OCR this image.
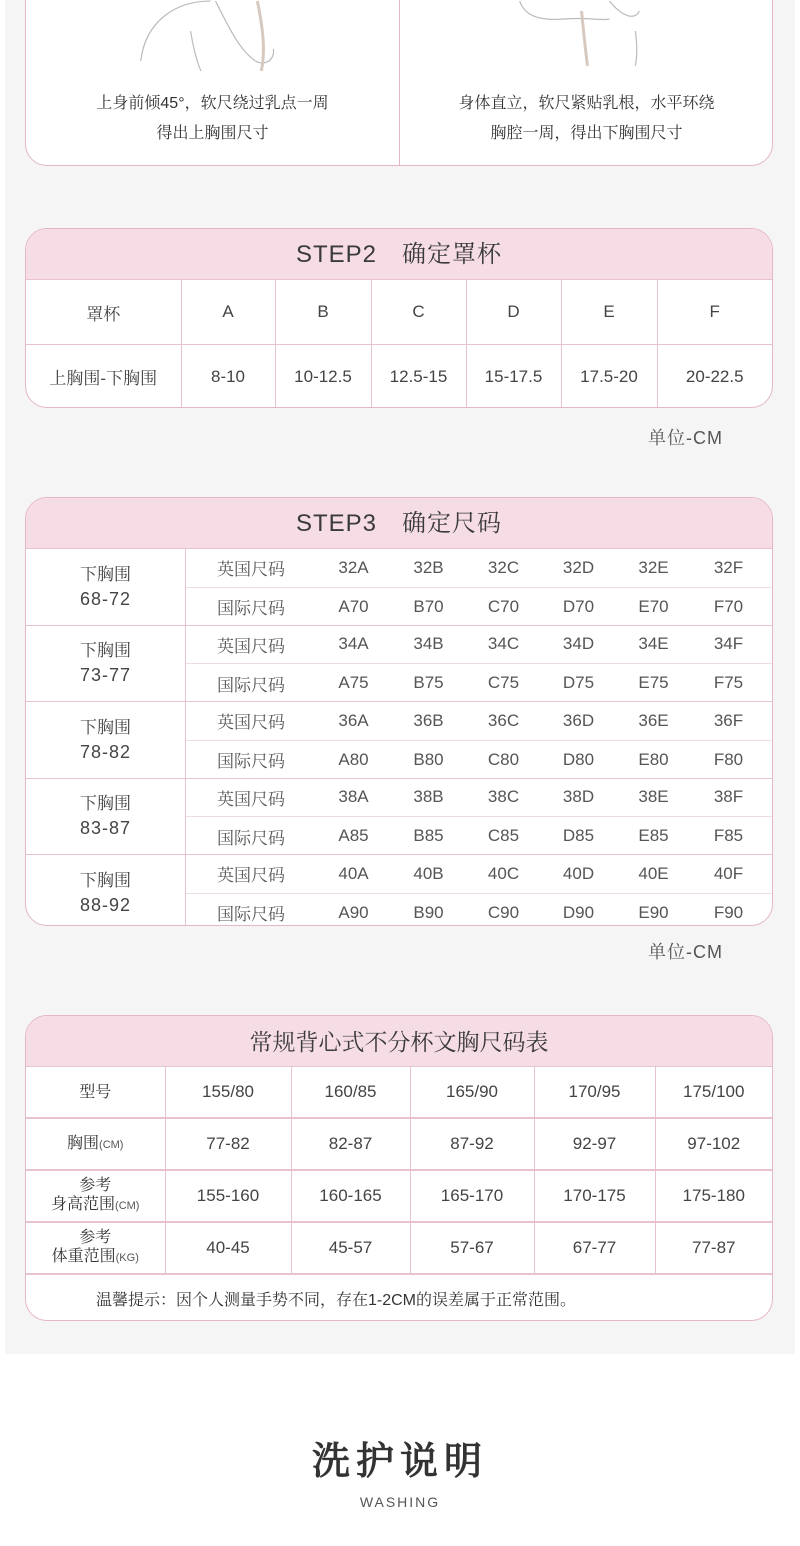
上身前倾45°，软尺绕过乳点一周
得出上胸围尺寸
身体直立，软尺紧贴乳根，水平环绕
胸腔一周，得出下胸围尺寸
STEP2　确定罩杯
罩杯	A	B	C	D	E	F
上胸围-下胸围	8-10	10-12.5	12.5-15	15-17.5	17.5-20	20-22.5
单位-CM
STEP3　确定尺码
下胸围
68-72
英国尺码	32A	32B	32C	32D	32E	32F
国际尺码	A70	B70	C70	D70	E70	F70
下胸围
73-77
英国尺码	34A	34B	34C	34D	34E	34F
国际尺码	A75	B75	C75	D75	E75	F75
下胸围
78-82
英国尺码	36A	36B	36C	36D	36E	36F
国际尺码	A80	B80	C80	D80	E80	F80
下胸围
83-87
英国尺码	38A	38B	38C	38D	38E	38F
国际尺码	A85	B85	C85	D85	E85	F85
下胸围
88-92
英国尺码	40A	40B	40C	40D	40E	40F
国际尺码	A90	B90	C90	D90	E90	F90
单位-CM
常规背心式不分杯文胸尺码表
型号	155/80	160/85	165/90	170/95	175/100
胸围(CM)	77-82	82-87	87-92	92-97	97-102
参考
身高范围(CM)	155-160	160-165	165-170	170-175	175-180
参考
体重范围(KG)	40-45	45-57	57-67	67-77	77-87
温馨提示：因个人测量手势不同，存在1-2CM的误差属于正常范围。
洗护说明
WASHING
